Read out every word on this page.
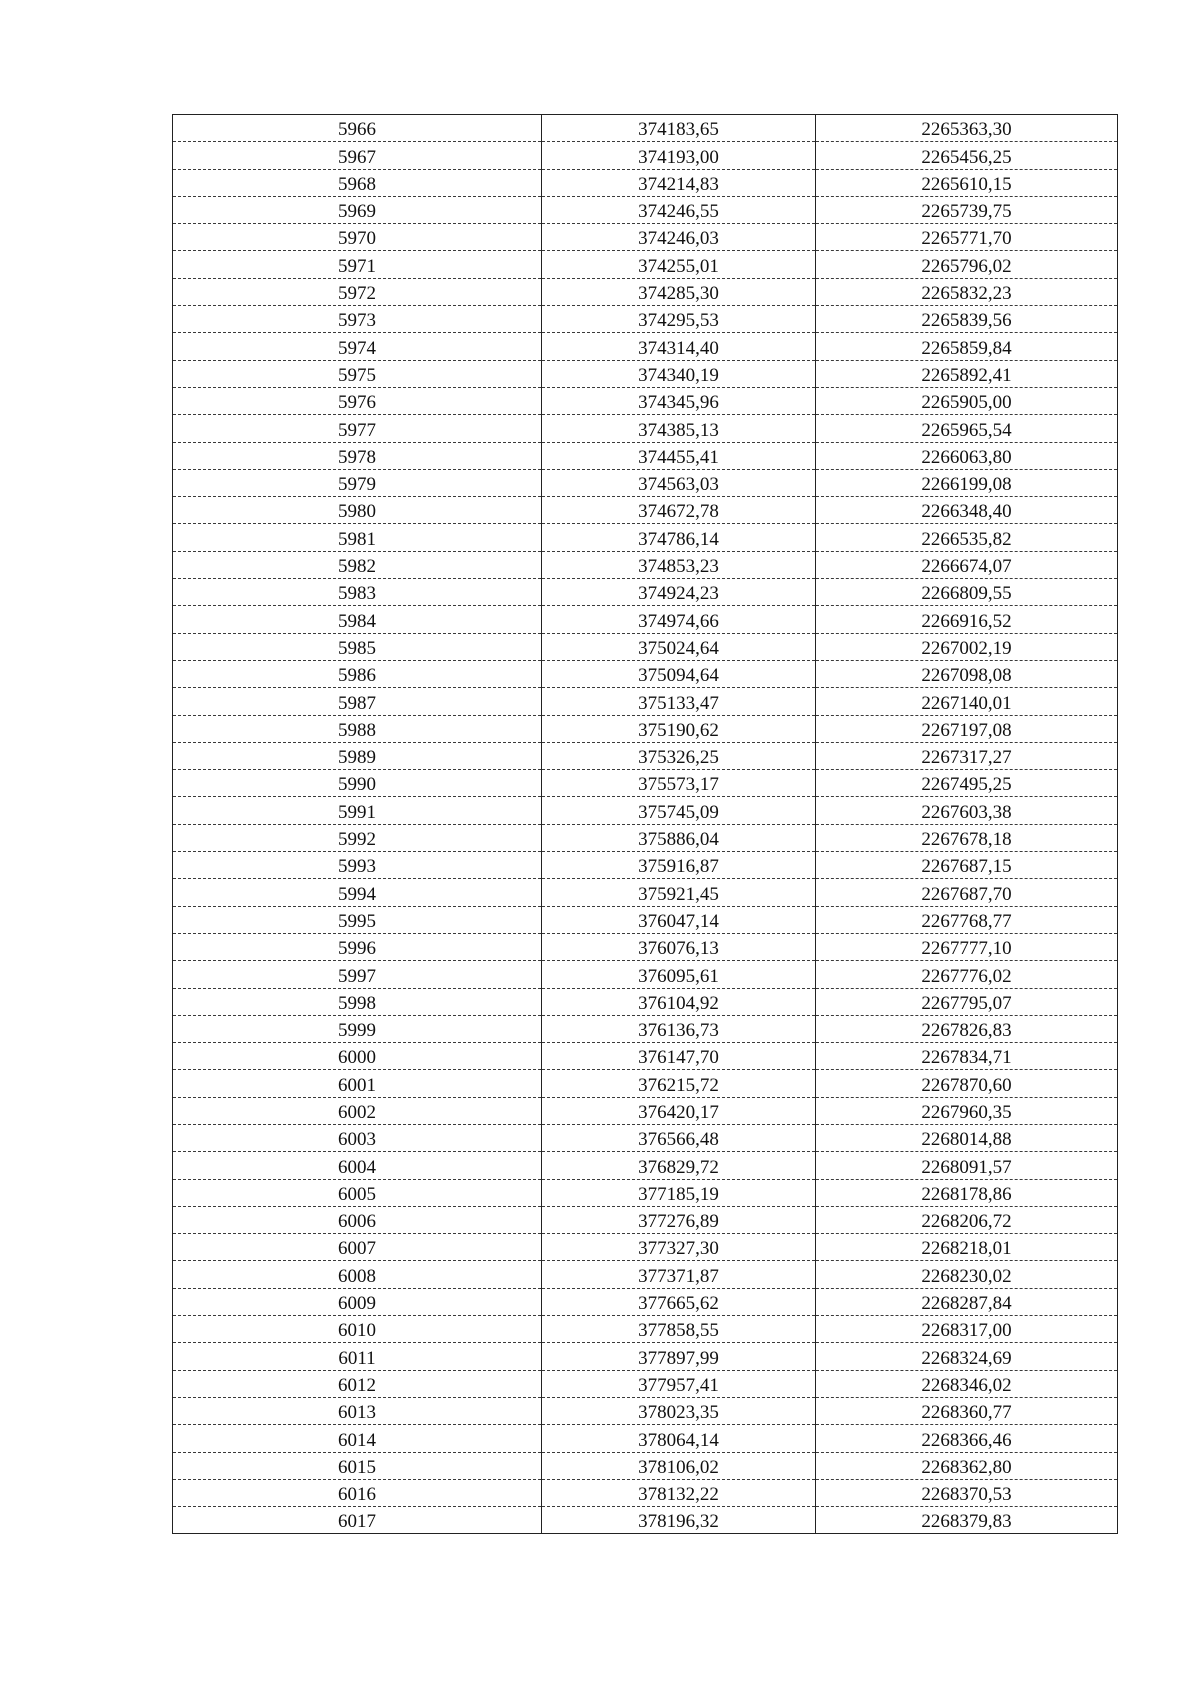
5966	374183,65	2265363,30
5967	374193,00	2265456,25
5968	374214,83	2265610,15
5969	374246,55	2265739,75
5970	374246,03	2265771,70
5971	374255,01	2265796,02
5972	374285,30	2265832,23
5973	374295,53	2265839,56
5974	374314,40	2265859,84
5975	374340,19	2265892,41
5976	374345,96	2265905,00
5977	374385,13	2265965,54
5978	374455,41	2266063,80
5979	374563,03	2266199,08
5980	374672,78	2266348,40
5981	374786,14	2266535,82
5982	374853,23	2266674,07
5983	374924,23	2266809,55
5984	374974,66	2266916,52
5985	375024,64	2267002,19
5986	375094,64	2267098,08
5987	375133,47	2267140,01
5988	375190,62	2267197,08
5989	375326,25	2267317,27
5990	375573,17	2267495,25
5991	375745,09	2267603,38
5992	375886,04	2267678,18
5993	375916,87	2267687,15
5994	375921,45	2267687,70
5995	376047,14	2267768,77
5996	376076,13	2267777,10
5997	376095,61	2267776,02
5998	376104,92	2267795,07
5999	376136,73	2267826,83
6000	376147,70	2267834,71
6001	376215,72	2267870,60
6002	376420,17	2267960,35
6003	376566,48	2268014,88
6004	376829,72	2268091,57
6005	377185,19	2268178,86
6006	377276,89	2268206,72
6007	377327,30	2268218,01
6008	377371,87	2268230,02
6009	377665,62	2268287,84
6010	377858,55	2268317,00
6011	377897,99	2268324,69
6012	377957,41	2268346,02
6013	378023,35	2268360,77
6014	378064,14	2268366,46
6015	378106,02	2268362,80
6016	378132,22	2268370,53
6017	378196,32	2268379,83
